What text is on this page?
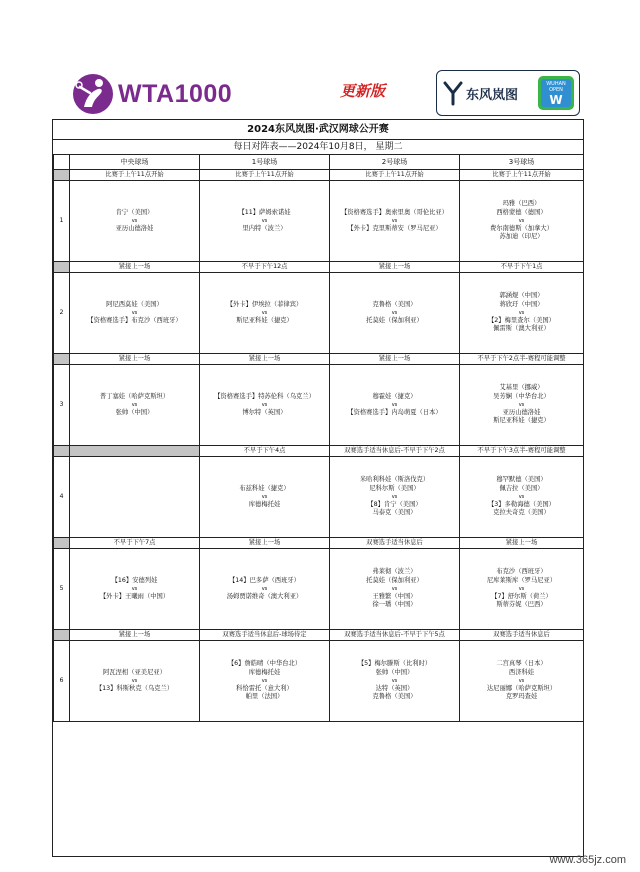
WTA1000	更新版	东风岚图
WUHAN OPEN
W
2024东风岚图·武汉网球公开赛
每日对阵表——2024年10月8日， 星期二
	中央球场	1号球场	2号球场	3号球场
	比赛于上午11点开始	比赛于上午11点开始	比赛于上午11点开始	比赛于上午11点开始
1	肯宁（美国）
vs
亚历山德洛娃	【11】萨姆索诺娃
vs
里内特（波兰）	【资格赛选手】奥索里奥（哥伦比亚）
vs
【外卡】克里斯蒂安（罗马尼亚）	玛雅（巴西）
西格蒙德（德国）
vs
费尔南德斯（加拿大）
苏加迪（印尼）

	紧接上一场	不早于下午12点	紧接上一场	不早于下午1点
2	阿尼西莫娃（美国）
vs
【资格赛选手】布克沙（西班牙）	【外卡】伊埃拉（菲律宾）
vs
斯尼亚科娃（捷克）	克鲁格（美国）
vs
托莫娃（保加利亚）	郭涵煜（中国）
蒋欣玗（中国）
vs
【2】梅里查尔（美国）
佩雷斯（澳大利亚）

	紧接上一场	紧接上一场	紧接上一场	不早于下午2点半-赛程可能调整
3	普丁塞娃（哈萨克斯坦）
vs
张帅（中国）	【资格赛选手】特苏伦科（乌克兰）
vs
博尔特（英国）	穆霍娃（捷克）
vs
【资格赛选手】内岛萌夏（日本）	艾基里（挪威）
吴芳娴（中华台北）
vs
亚历山德洛娃
斯尼亚科娃（捷克）

		不早于下午4点	双赛选手适当休息后-不早于下午2点	不早于下午3点半-赛程可能调整
4		布兹科娃（捷克）
vs
库德梅托娃	米哈利科娃（斯洛伐克）
尼科尔斯（美国）
vs
【8】肯宁（美国）
马泰克（美国）	穆罕默德（美国）
佩吉拉（美国）
vs
【3】多勒海德（美国）
克拉夫奇克（美国）

	不早于下午7点	紧接上一场	双赛选手适当休息后	紧接上一场
5	【16】安德列娃
vs
【外卡】王曦雨（中国）	【14】巴多萨（西班牙）
vs
汤姆贾诺维奇（澳大利亚）	弗莱彻（波兰）
托莫娃（保加利亚）
vs
王雅繁（中国）
徐一璠（中国）	布克沙（西班牙）
尼库莱斯库（罗马尼亚）
vs
【7】舒尔斯（荷兰）
斯蒂芬妮（巴西）

	紧接上一场	双赛选手适当休息后-球场待定	双赛选手适当休息后-不早于下午5点	双赛选手适当休息后
6	阿瓦涅相（亚美尼亚）
vs
【13】科斯秋克（乌克兰）	【6】詹皓晴（中华台北）
库德梅托娃
vs
科恰雷托（意大利）
帕里（法国）	【5】梅尔滕斯（比利时）
张帅（中国）
vs
达特（英国）
克鲁格（美国）	二宫真琴（日本）
西济科娃
vs
达尼丽娜（哈萨克斯坦）
克罗玛查娃
www.365jz.com
